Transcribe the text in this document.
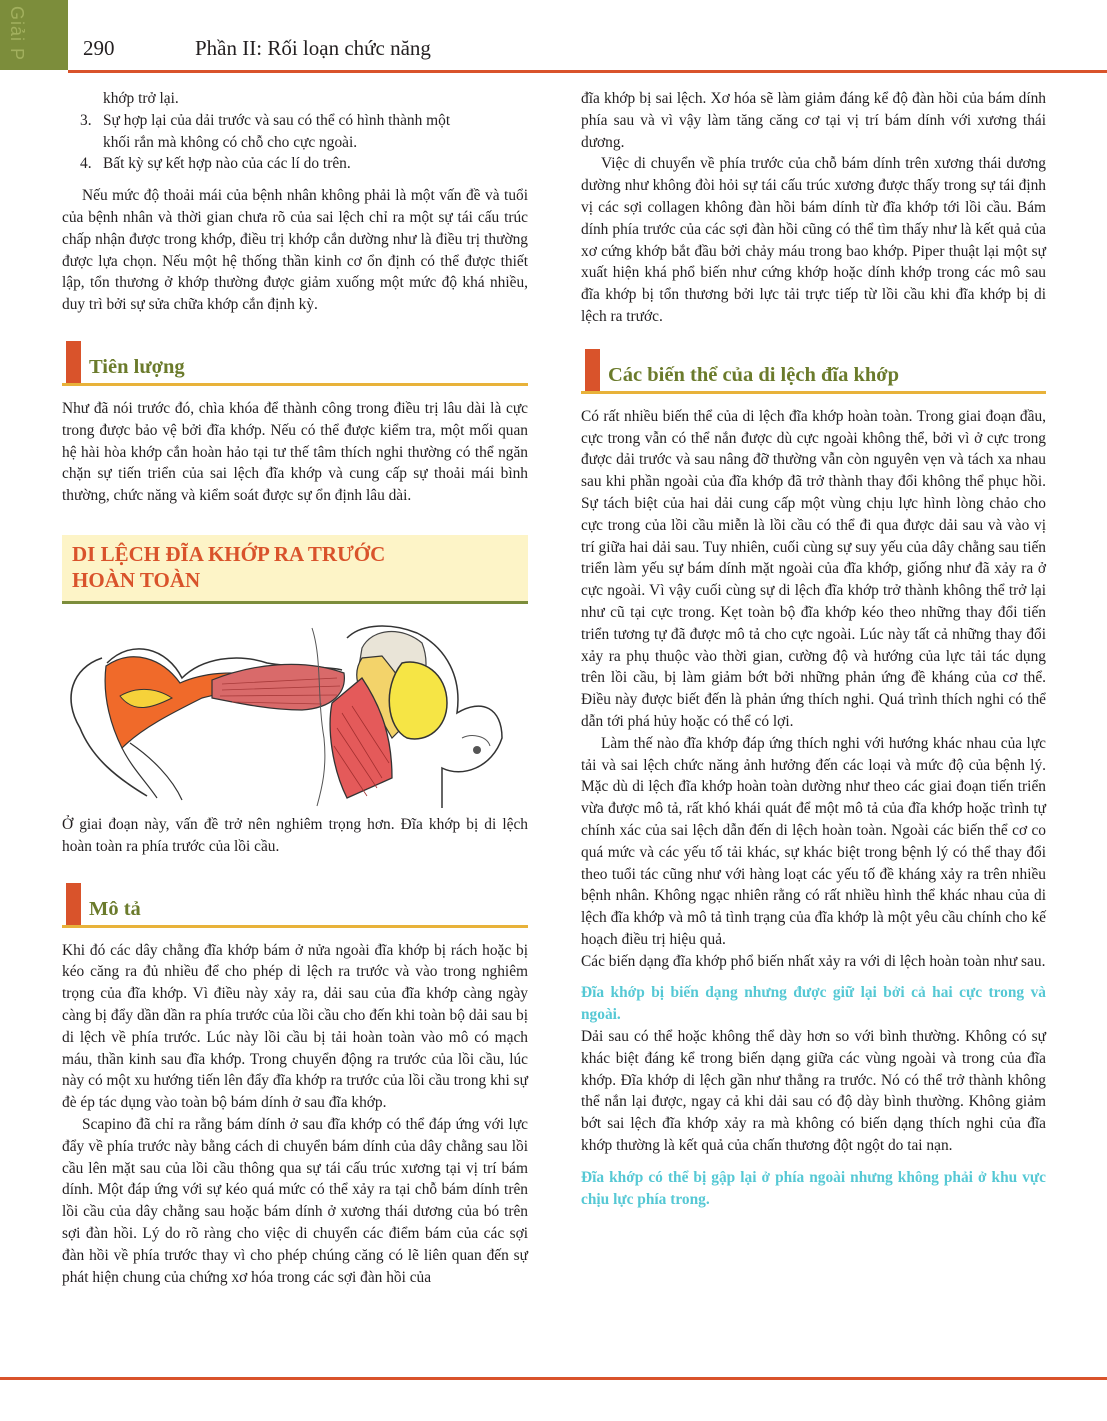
Giải P	290	Phần II: Rối loạn chức năng
khớp trở lại.
3. Sự hợp lại của dải trước và sau có thể có hình thành một
khối rắn mà không có chỗ cho cực ngoài.
4. Bất kỳ sự kết hợp nào của các lí do trên.

Nếu mức độ thoải mái của bệnh nhân không phải là một vấn đề và tuổi của bệnh nhân và thời gian chưa rõ của sai lệch chỉ ra một sự tái cấu trúc chấp nhận được trong khớp, điều trị khớp cắn dường như là điều trị thường được lựa chọn. Nếu một hệ thống thần kinh cơ ổn định có thể được thiết lập, tổn thương ở khớp thường được giảm xuống một mức độ khá nhiều, duy trì bởi sự sửa chữa khớp cắn định kỳ.

Tiên lượng

Như đã nói trước đó, chìa khóa để thành công trong điều trị lâu dài là cực trong được bảo vệ bởi đĩa khớp. Nếu có thể được kiểm tra, một mối quan hệ hài hòa khớp cắn hoàn hảo tại tư thế tâm thích nghi thường có thể ngăn chặn sự tiến triển của sai lệch đĩa khớp và cung cấp sự thoải mái bình thường, chức năng và kiểm soát được sự ổn định lâu dài.

DI LỆCH ĐĨA KHỚP RA TRƯỚC
HOÀN TOÀN

Ở giai đoạn này, vấn đề trở nên nghiêm trọng hơn. Đĩa khớp bị di lệch hoàn toàn ra phía trước của lồi cầu.

Mô tả

Khi đó các dây chằng đĩa khớp bám ở nửa ngoài đĩa khớp bị rách hoặc bị kéo căng ra đủ nhiều để cho phép di lệch ra trước và vào trong nghiêm trọng của đĩa khớp. Vì điều này xảy ra, dải sau của đĩa khớp càng ngày càng bị đẩy dần dần ra phía trước của lồi cầu cho đến khi toàn bộ dải sau bị di lệch về phía trước. Lúc này lồi cầu bị tải hoàn toàn vào mô có mạch máu, thần kinh sau đĩa khớp. Trong chuyển động ra trước của lồi cầu, lúc này có một xu hướng tiến lên đẩy đĩa khớp ra trước của lồi cầu trong khi sự đè ép tác dụng vào toàn bộ bám dính ở sau đĩa khớp.

Scapino đã chỉ ra rằng bám dính ở sau đĩa khớp có thể đáp ứng với lực đẩy về phía trước này bằng cách di chuyển bám dính của dây chằng sau lồi cầu lên mặt sau của lồi cầu thông qua sự tái cấu trúc xương tại vị trí bám dính. Một đáp ứng với sự kéo quá mức có thể xảy ra tại chỗ bám dính trên lồi cầu của dây chằng sau hoặc bám dính ở xương thái dương của bó trên sợi đàn hồi. Lý do rõ ràng cho việc di chuyển các điểm bám của các sợi đàn hồi về phía trước thay vì cho phép chúng căng có lẽ liên quan đến sự phát hiện chung của chứng xơ hóa trong các sợi đàn hồi của

đĩa khớp bị sai lệch. Xơ hóa sẽ làm giảm đáng kể độ đàn hồi của bám dính phía sau và vì vậy làm tăng căng cơ tại vị trí bám dính với xương thái dương.

Việc di chuyển về phía trước của chỗ bám dính trên xương thái dương dường như không đòi hỏi sự tái cấu trúc xương được thấy trong sự tái định vị các sợi collagen không đàn hồi bám dính từ đĩa khớp tới lồi cầu. Bám dính phía trước của các sợi đàn hồi cũng có thể tìm thấy như là kết quả của xơ cứng khớp bắt đầu bởi chảy máu trong bao khớp. Piper thuật lại một sự xuất hiện khá phổ biến như cứng khớp hoặc dính khớp trong các mô sau đĩa khớp bị tổn thương bởi lực tải trực tiếp từ lồi cầu khi đĩa khớp bị di lệch ra trước.

Các biến thể của di lệch đĩa khớp

Có rất nhiều biến thể của di lệch đĩa khớp hoàn toàn. Trong giai đoạn đầu, cực trong vẫn có thể nắn được dù cực ngoài không thể, bởi vì ở cực trong được dải trước và sau nâng đỡ thường vẫn còn nguyên vẹn và tách xa nhau sau khi phần ngoài của đĩa khớp đã trở thành thay đổi không thể phục hồi. Sự tách biệt của hai dải cung cấp một vùng chịu lực hình lòng chảo cho cực trong của lồi cầu miễn là lồi cầu có thể đi qua được dải sau và vào vị trí giữa hai dải sau. Tuy nhiên, cuối cùng sự suy yếu của dây chằng sau tiến triển làm yếu sự bám dính mặt ngoài của đĩa khớp, giống như đã xảy ra ở cực ngoài. Vì vậy cuối cùng sự di lệch đĩa khớp trở thành không thể trở lại như cũ tại cực trong. Kẹt toàn bộ đĩa khớp kéo theo những thay đổi tiến triển tương tự đã được mô tả cho cực ngoài. Lúc này tất cả những thay đổi xảy ra phụ thuộc vào thời gian, cường độ và hướng của lực tải tác dụng trên lồi cầu, bị làm giảm bớt bởi những phản ứng đề kháng của cơ thể. Điều này được biết đến là phản ứng thích nghi. Quá trình thích nghi có thể dẫn tới phá hủy hoặc có thể có lợi.

Làm thế nào đĩa khớp đáp ứng thích nghi với hướng khác nhau của lực tải và sai lệch chức năng ảnh hưởng đến các loại và mức độ của bệnh lý. Mặc dù di lệch đĩa khớp hoàn toàn dường như theo các giai đoạn tiến triển vừa được mô tả, rất khó khái quát để một mô tả của đĩa khớp hoặc trình tự chính xác của sai lệch dẫn đến di lệch hoàn toàn. Ngoài các biến thể cơ co quá mức và các yếu tố tải khác, sự khác biệt trong bệnh lý có thể thay đổi theo tuổi tác cũng như với hàng loạt các yếu tố đề kháng xảy ra trên nhiều bệnh nhân. Không ngạc nhiên rằng có rất nhiều hình thể khác nhau của di lệch đĩa khớp và mô tả tình trạng của đĩa khớp là một yêu cầu chính cho kế hoạch điều trị hiệu quả.

Các biến dạng đĩa khớp phổ biến nhất xảy ra với di lệch hoàn toàn như sau.

Đĩa khớp bị biến dạng nhưng được giữ lại bởi cả hai cực trong và ngoài.

Dải sau có thể hoặc không thể dày hơn so với bình thường. Không có sự khác biệt đáng kể trong biến dạng giữa các vùng ngoài và trong của đĩa khớp. Đĩa khớp di lệch gần như thẳng ra trước. Nó có thể trở thành không thể nắn lại được, ngay cả khi dải sau có độ dày bình thường. Không giảm bớt sai lệch đĩa khớp xảy ra mà không có biến dạng thích nghi của đĩa khớp thường là kết quả của chấn thương đột ngột do tai nạn.

Đĩa khớp có thể bị gập lại ở phía ngoài nhưng không phải ở khu vực chịu lực phía trong.
